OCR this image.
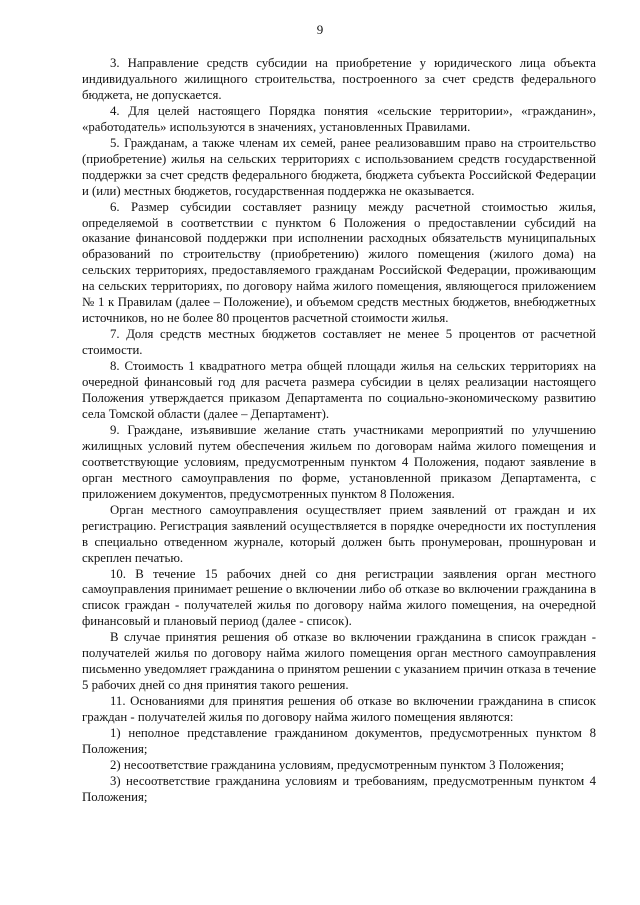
9

3. Направление средств субсидии на приобретение у юридического лица объекта индивидуального жилищного строительства, построенного за счет средств федерального бюджета, не допускается.

4. Для целей настоящего Порядка понятия «сельские территории», «гражданин», «работодатель» используются в значениях, установленных Правилами.

5. Гражданам, а также членам их семей, ранее реализовавшим право на строительство (приобретение) жилья на сельских территориях с использованием средств государственной поддержки за счет средств федерального бюджета, бюджета субъекта Российской Федерации и (или) местных бюджетов, государственная поддержка не оказывается.

6. Размер субсидии составляет разницу между расчетной стоимостью жилья, определяемой в соответствии с пунктом 6 Положения о предоставлении субсидий на оказание финансовой поддержки при исполнении расходных обязательств муниципальных образований по строительству (приобретению) жилого помещения (жилого дома) на сельских территориях, предоставляемого гражданам Российской Федерации, проживающим на сельских территориях, по договору найма жилого помещения, являющегося приложением № 1 к Правилам (далее – Положение), и объемом средств местных бюджетов, внебюджетных источников, но не более 80 процентов расчетной стоимости жилья.

7. Доля средств местных бюджетов составляет не менее 5 процентов от расчетной стоимости.

8. Стоимость 1 квадратного метра общей площади жилья на сельских территориях на очередной финансовый год для расчета размера субсидии в целях реализации настоящего Положения утверждается приказом Департамента по социально-экономическому развитию села Томской области (далее – Департамент).

9. Граждане, изъявившие желание стать участниками мероприятий по улучшению жилищных условий путем обеспечения жильем по договорам найма жилого помещения и соответствующие условиям, предусмотренным пунктом 4 Положения, подают заявление в орган местного самоуправления по форме, установленной приказом Департамента, с приложением документов, предусмотренных пунктом 8 Положения.

Орган местного самоуправления осуществляет прием заявлений от граждан и их регистрацию. Регистрация заявлений осуществляется в порядке очередности их поступления в специально отведенном журнале, который должен быть пронумерован, прошнурован и скреплен печатью.

10. В течение 15 рабочих дней со дня регистрации заявления орган местного самоуправления принимает решение о включении либо об отказе во включении гражданина в список граждан - получателей жилья по договору найма жилого помещения, на очередной финансовый и плановый период (далее - список).

В случае принятия решения об отказе во включении гражданина в список граждан - получателей жилья по договору найма жилого помещения орган местного самоуправления письменно уведомляет гражданина о принятом решении с указанием причин отказа в течение 5 рабочих дней со дня принятия такого решения.

11. Основаниями для принятия решения об отказе во включении гражданина в список граждан - получателей жилья по договору найма жилого помещения являются:

1) неполное представление гражданином документов, предусмотренных пунктом 8 Положения;

2) несоответствие гражданина условиям, предусмотренным пунктом 3 Положения;

3) несоответствие гражданина условиям и требованиям, предусмотренным пунктом 4 Положения;
